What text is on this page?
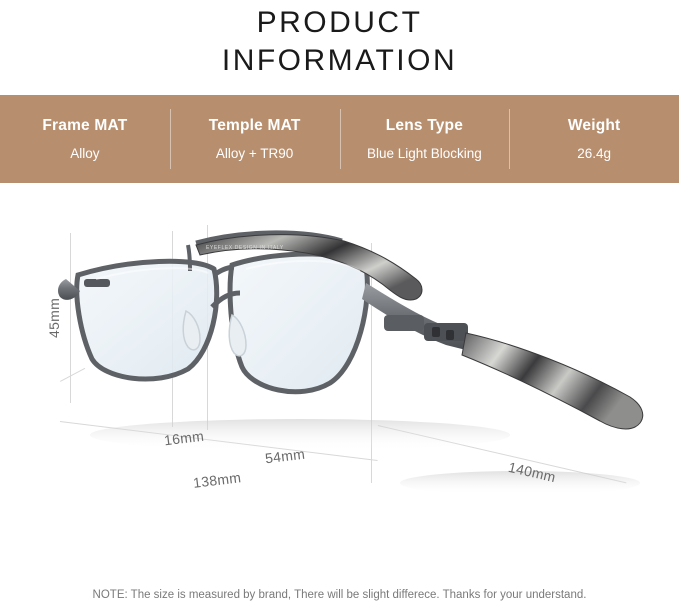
PRODUCT
INFORMATION
Frame MAT
Alloy
Temple MAT
Alloy + TR90
Lens Type
Blue Light Blocking
Weight
26.4g
EYEFLEX DESIGN IN ITALY
45mm
16mm
54mm
138mm	140mm
NOTE: The size is measured by brand, There will be slight differece. Thanks for your understand.
